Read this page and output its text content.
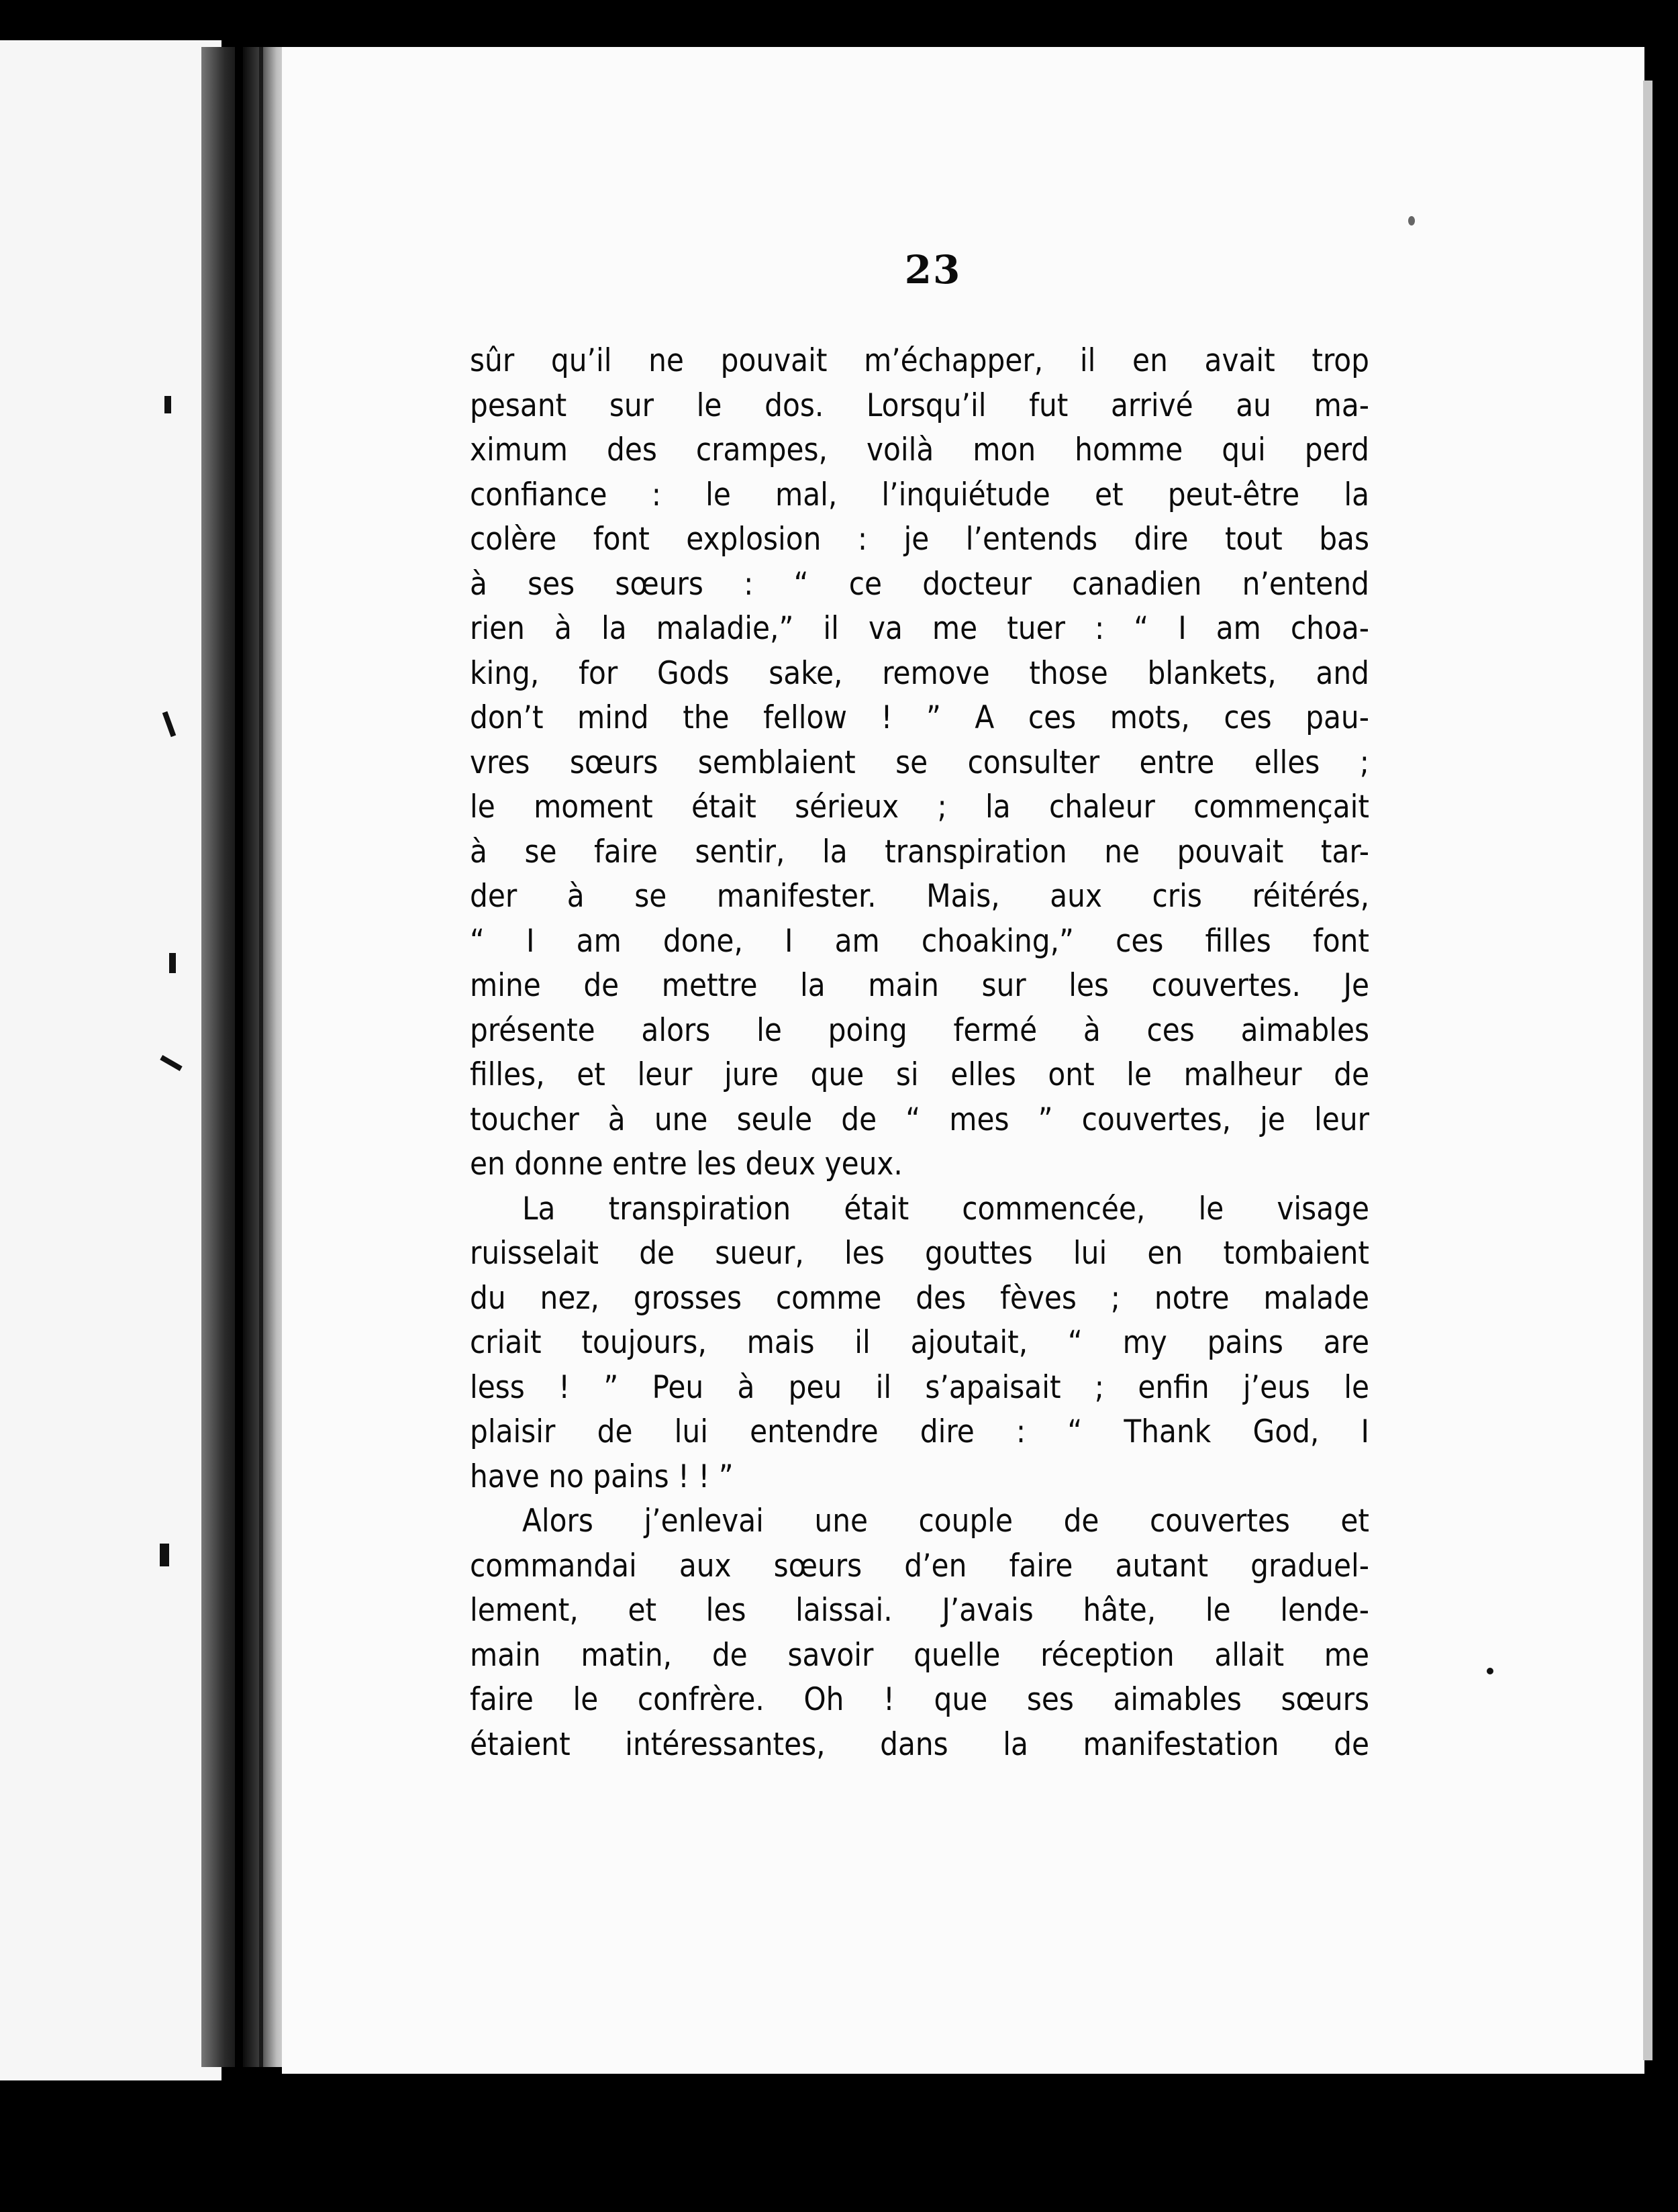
23
sûr qu’il ne pouvait m’échapper, il en avait trop
pesant sur le dos. Lorsqu’il fut arrivé au ma-
ximum des crampes, voilà mon homme qui perd
confiance : le mal, l’inquiétude et peut-être la
colère font explosion : je l’entends dire tout bas
à ses sœurs : “ ce docteur canadien n’entend
rien à la maladie,” il va me tuer : “ I am choa-
king, for Gods sake, remove those blankets, and
don’t mind the fellow ! ” A ces mots, ces pau-
vres sœurs semblaient se consulter entre elles ;
le moment était sérieux ; la chaleur commençait
à se faire sentir, la transpiration ne pouvait tar-
der à se manifester. Mais, aux cris réitérés,
“ I am done, I am choaking,” ces filles font
mine de mettre la main sur les couvertes. Je
présente alors le poing fermé à ces aimables
filles, et leur jure que si elles ont le malheur de
toucher à une seule de “ mes ” couvertes, je leur
en donne entre les deux yeux.
La transpiration était commencée, le visage
ruisselait de sueur, les gouttes lui en tombaient
du nez, grosses comme des fèves ; notre malade
criait toujours, mais il ajoutait, “ my pains are
less ! ” Peu à peu il s’apaisait ; enfin j’eus le
plaisir de lui entendre dire : “ Thank God, I
have no pains ! ! ”
Alors j’enlevai une couple de couvertes et
commandai aux sœurs d’en faire autant graduel-
lement, et les laissai. J’avais hâte, le lende-
main matin, de savoir quelle réception allait me
faire le confrère. Oh ! que ses aimables sœurs
étaient intéressantes, dans la manifestation de
